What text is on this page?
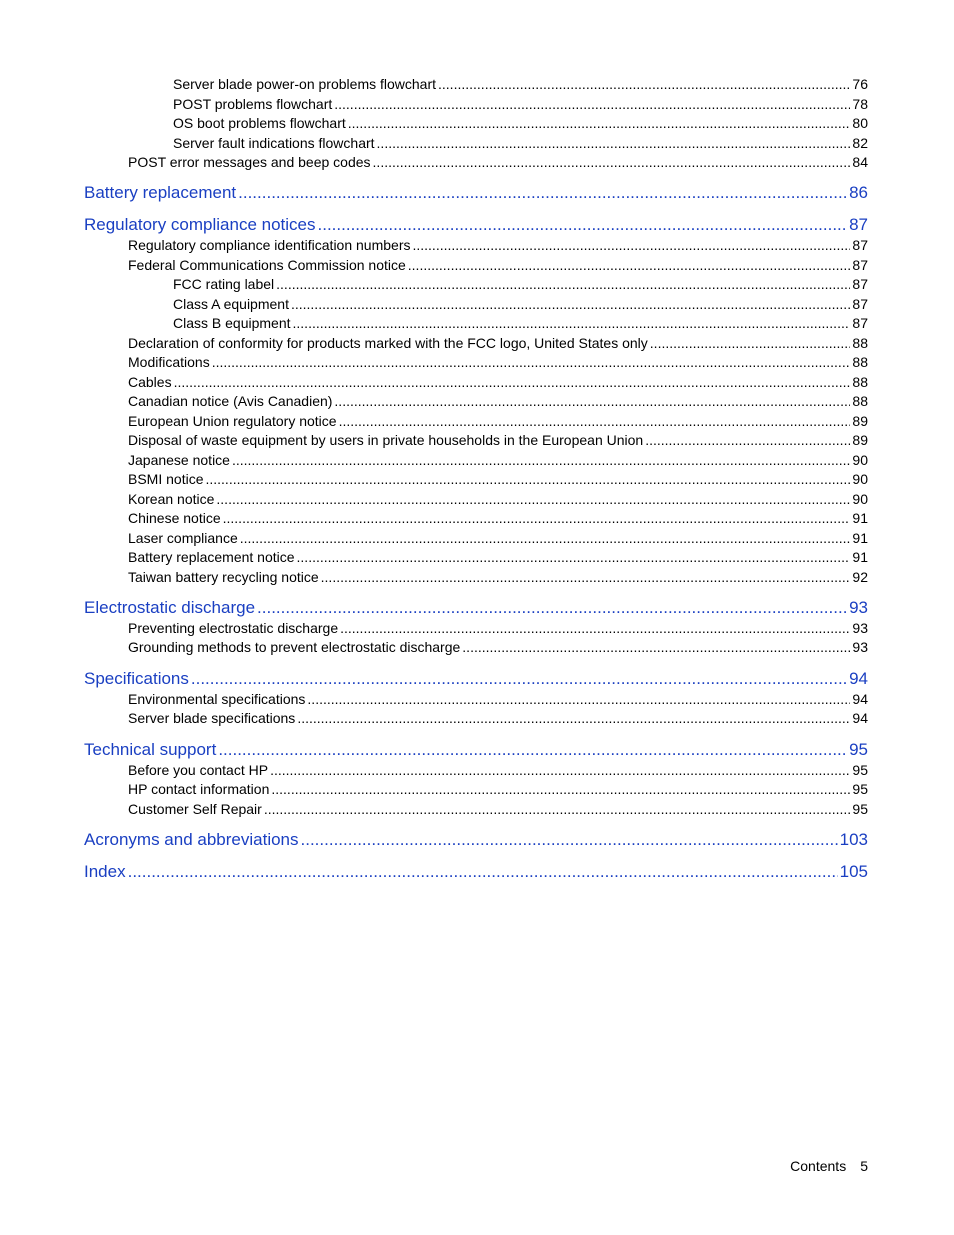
Server blade power-on problems flowchart .....	76
POST problems flowchart .....	78
OS boot problems flowchart .....	80
Server fault indications flowchart .....	82
POST error messages and beep codes .....	84
Battery replacement .....	86
Regulatory compliance notices .....	87
Regulatory compliance identification numbers .....	87
Federal Communications Commission notice .....	87
FCC rating label .....	87
Class A equipment .....	87
Class B equipment .....	87
Declaration of conformity for products marked with the FCC logo, United States only .....	88
Modifications .....	88
Cables .....	88
Canadian notice (Avis Canadien) .....	88
European Union regulatory notice .....	89
Disposal of waste equipment by users in private households in the European Union .....	89
Japanese notice .....	90
BSMI notice .....	90
Korean notice .....	90
Chinese notice .....	91
Laser compliance .....	91
Battery replacement notice .....	91
Taiwan battery recycling notice .....	92
Electrostatic discharge .....	93
Preventing electrostatic discharge .....	93
Grounding methods to prevent electrostatic discharge .....	93
Specifications .....	94
Environmental specifications .....	94
Server blade specifications .....	94
Technical support .....	95
Before you contact HP .....	95
HP contact information .....	95
Customer Self Repair .....	95
Acronyms and abbreviations .....	103
Index .....	105
Contents 5
